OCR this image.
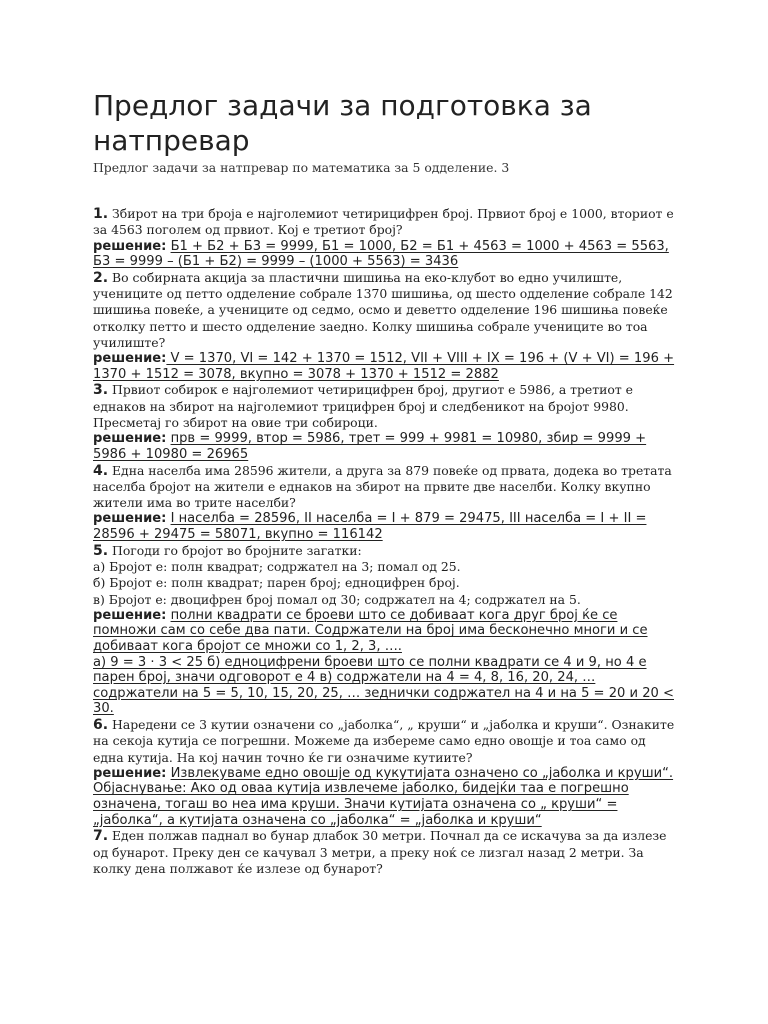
Предлог задачи за подготовка за натпревар
Предлог задачи за натпревар по математика за 5 одделение. 3
1. Збирот на три броја е најголемиот четирицифрен број. Првиот број е 1000, вториот е за 4563 поголем од првиот. Кој е третиот број?
решение: Б1 + Б2 + Б3 = 9999, Б1 = 1000, Б2 = Б1 + 4563 = 1000 + 4563 = 5563, Б3 = 9999 – (Б1 + Б2) = 9999 – (1000 + 5563) = 3436
2. Во собирната акција за пластични шишиња на еко-клубот во едно училиште, учениците од петто одделение собрале 1370 шишиња, од шесто одделение собрале 142 шишиња повеќе, а учениците од седмо, осмо и деветто одделение 196 шишиња повеќе отколку петто и шесто одделение заедно. Колку шишиња собрале учениците во тоа училиште?
решение: V = 1370, VI = 142 + 1370 = 1512, VII + VIII + IX = 196 + (V + VI) = 196 + 1370 + 1512 = 3078, вкупно = 3078 + 1370 + 1512 = 2882
3. Првиот собирок е најголемиот четирицифрен број, другиот е 5986, а третиот е еднаков на збирот на најголемиот трицифрен број и следбеникот на бројот 9980. Пресметај го збирот на овие три собироци.
решение: прв = 9999, втор = 5986, трет = 999 + 9981 = 10980, збир = 9999 + 5986 + 10980 = 26965
4. Една населба има 28596 жители, а друга за 879 повеќе од првата, додека во третата населба бројот на жители е еднаков на збирот на првите две населби. Колку вкупно жители има во трите населби?
решение: I населба = 28596, II населба = I + 879 = 29475, III населба = I + II = 28596 + 29475 = 58071, вкупно = 116142
5. Погоди го бројот во бројните загатки:
а) Бројот е: полн квадрат; содржател на 3; помал од 25.
б) Бројот е: полн квадрат; парен број; едноцифрен број.
в) Бројот е: двоцифрен број помал од 30; содржател на 4; содржател на 5.
решение: полни квадрати се броеви што се добиваат кога друг број ќе се помножи сам со себе два пати. Содржатели на број има бесконечно многи и се добиваат кога бројот се множи со 1, 2, 3, ….
а) 9 = 3 · 3 < 25 б) едноцифрени броеви што се полни квадрати се 4 и 9, но 4 е парен број, значи одговорот е 4 в) содржатели на 4 = 4, 8, 16, 20, 24, … содржатели на 5 = 5, 10, 15, 20, 25, … зеднички содржател на 4 и на 5 = 20 и 20 < 30.
6. Наредени се 3 кутии означени со „јаболка“, „ круши“ и „јаболка и круши“. Ознаките на секоја кутија се погрешни. Можеме да избереме само едно овошје и тоа само од една кутија. На кој начин точно ќе ги означиме кутиите?
решение: Извлекуваме едно овошје од кукутијата означено со „јаболка и круши“.
Објаснување: Ако од оваа кутија извлечеме јаболко, бидејќи таа е погрешно означена, тогаш во неа има круши. Значи кутијата означена со „ круши“ = „јаболка“, а кутијата означена со „јаболка“ = „јаболка и круши“
7. Еден полжав паднал во бунар длабок 30 метри. Почнал да се искачува за да излезе од бунарот. Преку ден се качувал 3 метри, а преку ноќ се лизгал назад 2 метри. За колку дена полжавот ќе излезе од бунарот?
